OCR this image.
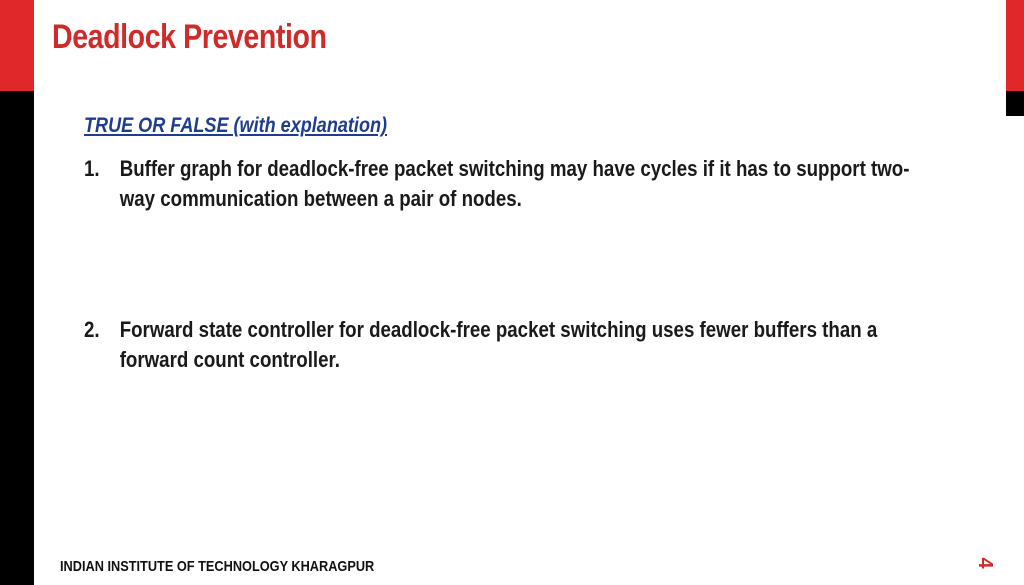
Deadlock Prevention
TRUE OR FALSE (with explanation)
1. Buffer graph for deadlock-free packet switching may have cycles if it has to support two-way communication between a pair of nodes.
2. Forward state controller for deadlock-free packet switching uses fewer buffers than a forward count controller.
INDIAN INSTITUTE OF TECHNOLOGY KHARAGPUR	4
